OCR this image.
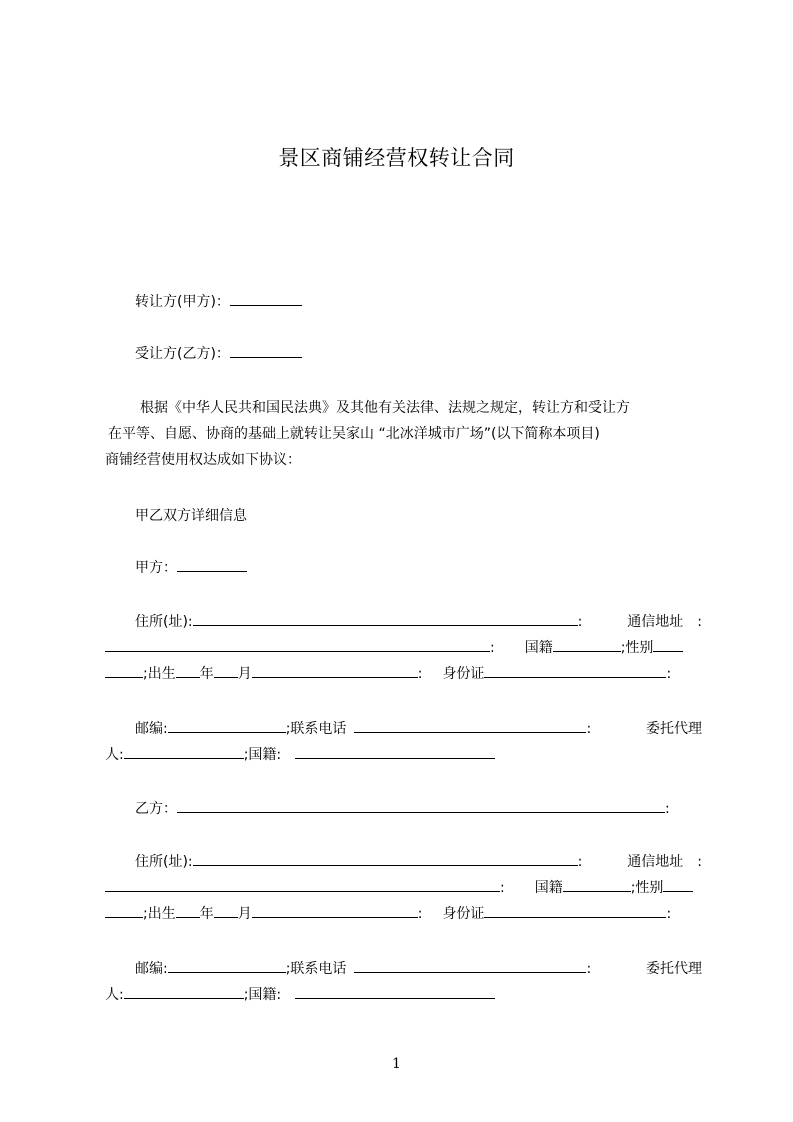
景区商铺经营权转让合同
转让方(甲方)：
受让方(乙方)：
根据《中华人民共和国民法典》及其他有关法律、法规之规定，转让方和受让方
在平等、自愿、协商的基础上就转让吴家山 “北冰洋城市广场”(以下简称本项目)
商铺经营使用权达成如下协议：
甲乙双方详细信息
甲方：
住所(址):	:	通信地址　:
: 国籍	;性别
;出生 年 月	: 身份证	:
邮编:	;联系电话	:	委托代理
人:	;国籍:
乙方：	:
住所(址):	:	通信地址　:
: 国籍	;性别
;出生 年 月	: 身份证	:
邮编:	;联系电话	:	委托代理
人:	;国籍:
1
